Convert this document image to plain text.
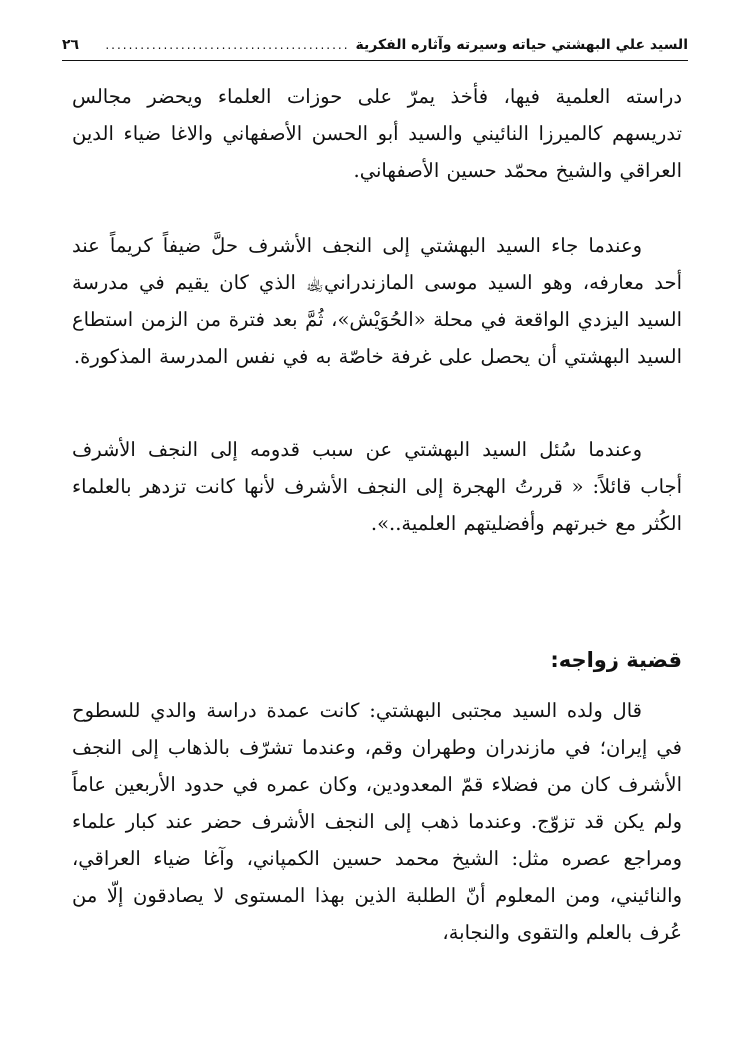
السيد علي البهشتي حياته وسيرته وآثاره الفكرية
..........................................
٢٦

دراسته العلمية فيها، فأخذ يمرّ على حوزات العلماء ويحضر مجالس تدريسهم كالميرزا النائيني والسيد أبو الحسن الأصفهاني والاغا ضياء الدين العراقي والشيخ محمّد حسين الأصفهاني.

وعندما جاء السيد البهشتي إلى النجف الأشرف حلَّ ضيفاً كريماً عند أحد معارفه، وهو السيد موسى المازندراني﵀ الذي كان يقيم في مدرسة السيد اليزدي الواقعة في محلة «الحُوَيْش»، ثُمَّ بعد فترة من الزمن استطاع السيد البهشتي أن يحصل على غرفة خاصّة به في نفس المدرسة المذكورة.

وعندما سُئل السيد البهشتي عن سبب قدومه إلى النجف الأشرف أجاب قائلاً: « قررتُ الهجرة إلى النجف الأشرف لأنها كانت تزدهر بالعلماء الكُثر مع خبرتهم وأفضليتهم العلمية..».

قضية زواجه:

قال ولده السيد مجتبى البهشتي: كانت عمدة دراسة والدي للسطوح في إيران؛ في مازندران وطهران وقم، وعندما تشرّف بالذهاب إلى النجف الأشرف كان من فضلاء قمّ المعدودين، وكان عمره في حدود الأربعين عاماً ولم يكن قد تزوّج. وعندما ذهب إلى النجف الأشرف حضر عند كبار علماء ومراجع عصره مثل: الشيخ محمد حسين الكمپاني، وآغا ضياء العراقي، والنائيني، ومن المعلوم أنّ الطلبة الذين بهذا المستوى لا يصادقون إلّا من عُرف بالعلم والتقوى والنجابة،
